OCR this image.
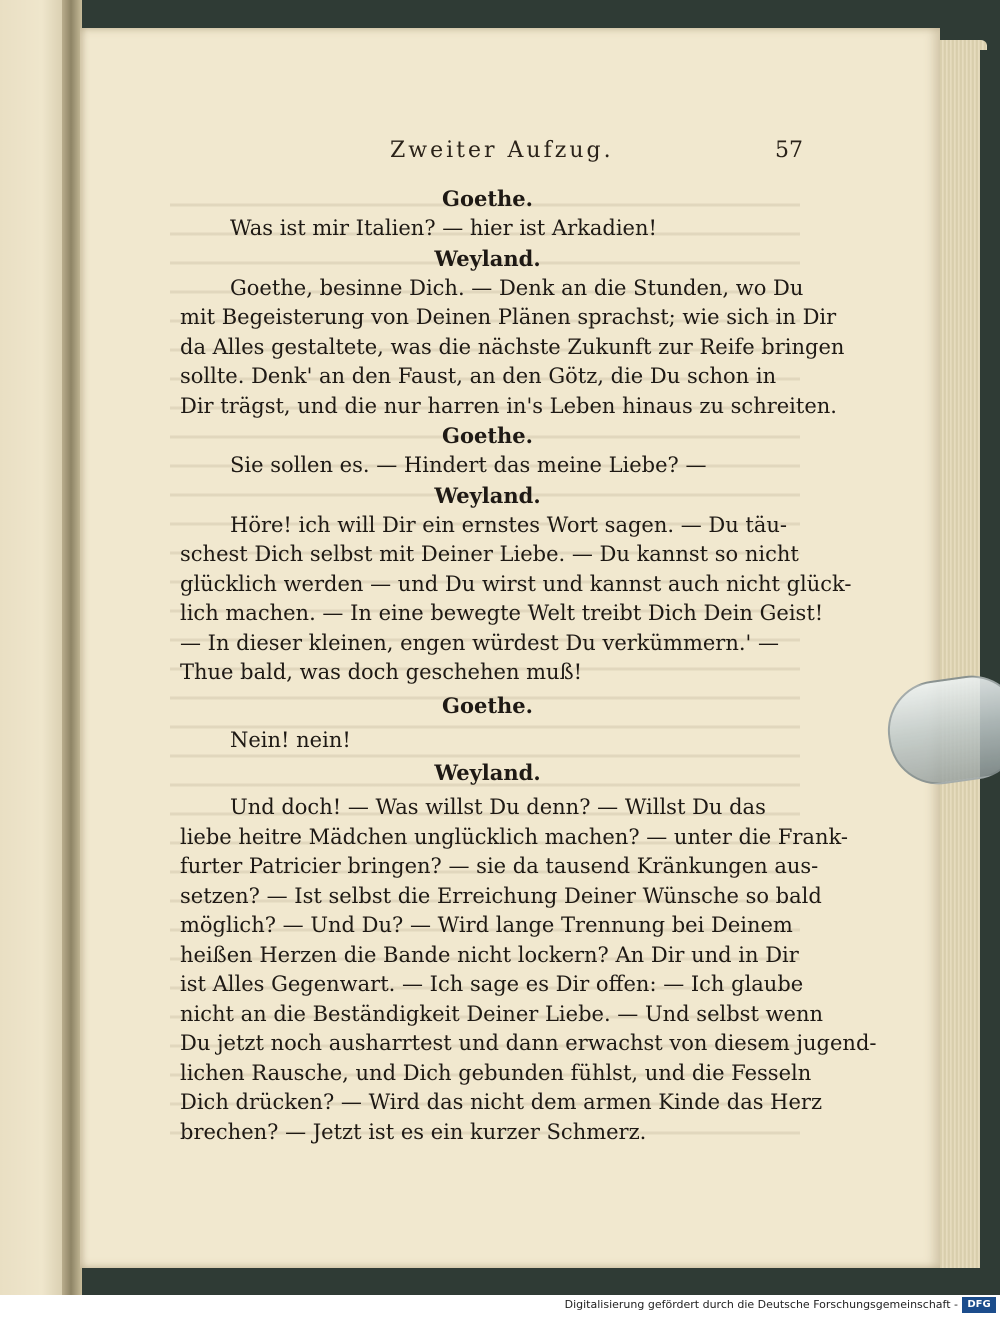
Zweiter Aufzug.	57

Goethe.

Was ist mir Italien? — hier ist Arkadien!

Weyland.

Goethe, besinne Dich. — Denk an die Stunden, wo Du

mit Begeisterung von Deinen Plänen sprachst; wie sich in Dir

da Alles gestaltete, was die nächste Zukunft zur Reife bringen

sollte. Denk' an den Faust, an den Götz, die Du schon in

Dir trägst, und die nur harren in's Leben hinaus zu schreiten.

Goethe.

Sie sollen es. — Hindert das meine Liebe? —

Weyland.

Höre! ich will Dir ein ernstes Wort sagen. — Du täu-

schest Dich selbst mit Deiner Liebe. — Du kannst so nicht

glücklich werden — und Du wirst und kannst auch nicht glück-

lich machen. — In eine bewegte Welt treibt Dich Dein Geist!

— In dieser kleinen, engen würdest Du verkümmern.' —

Thue bald, was doch geschehen muß!

Goethe.

Nein! nein!

Weyland.

Und doch! — Was willst Du denn? — Willst Du das

liebe heitre Mädchen unglücklich machen? — unter die Frank-

furter Patricier bringen? — sie da tausend Kränkungen aus-

setzen? — Ist selbst die Erreichung Deiner Wünsche so bald

möglich? — Und Du? — Wird lange Trennung bei Deinem

heißen Herzen die Bande nicht lockern? An Dir und in Dir

ist Alles Gegenwart. — Ich sage es Dir offen: — Ich glaube

nicht an die Beständigkeit Deiner Liebe. — Und selbst wenn

Du jetzt noch ausharrtest und dann erwachst von diesem jugend-

lichen Rausche, und Dich gebunden fühlst, und die Fesseln

Dich drücken? — Wird das nicht dem armen Kinde das Herz

brechen? — Jetzt ist es ein kurzer Schmerz.

Digitalisierung gefördert durch die Deutsche Forschungsgemeinschaft - DFG
